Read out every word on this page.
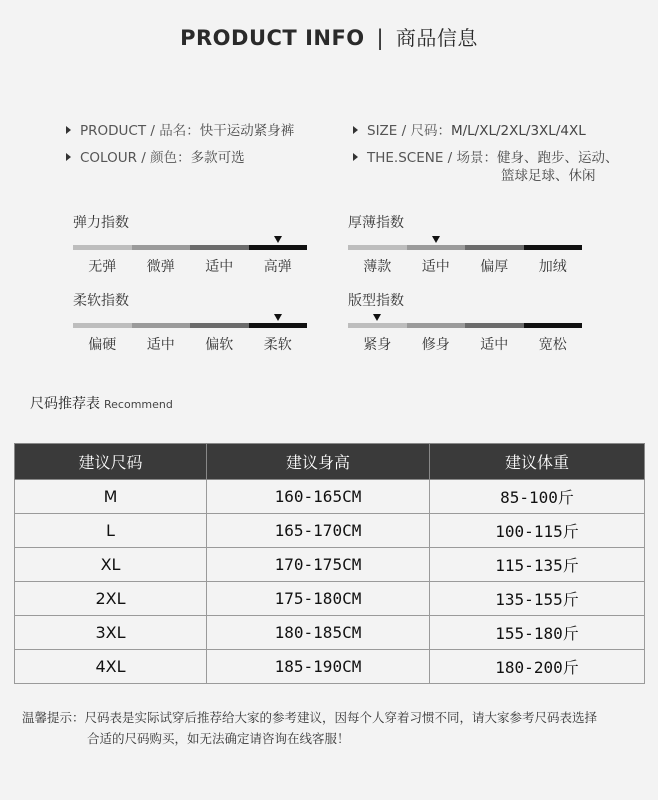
PRODUCT INFO | 商品信息
PRODUCT / 品名：快干运动紧身裤	SIZE / 尺码：M/L/XL/2XL/3XL/4XL
COLOUR / 颜色：多款可选	THE.SCENE / 场景：健身、跑步、运动、
篮球足球、休闲
弹力指数
无弹	微弹	适中	高弹
厚薄指数
薄款	适中	偏厚	加绒
柔软指数
偏硬	适中	偏软	柔软
版型指数
紧身	修身	适中	宽松
尺码推荐表 Recommend
建议尺码	建议身高	建议体重
M	160-165CM	85-100斤
L	165-170CM	100-115斤
XL	170-175CM	115-135斤
2XL	175-180CM	135-155斤
3XL	180-185CM	155-180斤
4XL	185-190CM	180-200斤
温馨提示：尺码表是实际试穿后推荐给大家的参考建议，因每个人穿着习惯不同，请大家参考尺码表选择
合适的尺码购买，如无法确定请咨询在线客服！
